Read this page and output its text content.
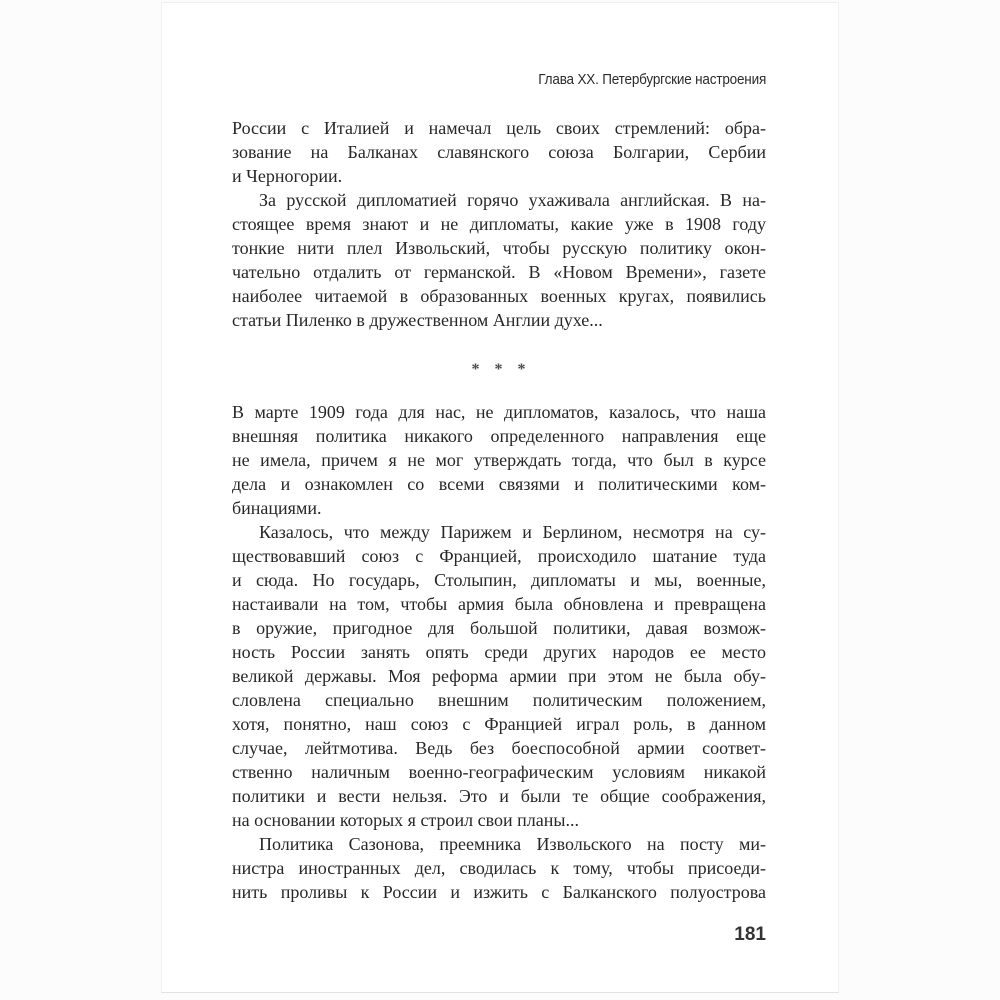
Глава XX. Петербургские настроения
России с Италией и намечал цель своих стремлений: обра-
зование на Балканах славянского союза Болгарии, Сербии
и Черногории.
За русской дипломатией горячо ухаживала английская. В на-
стоящее время знают и не дипломаты, какие уже в 1908 году
тонкие нити плел Извольский, чтобы русскую политику окон-
чательно отдалить от германской. В «Новом Времени», газете
наиболее читаемой в образованных военных кругах, появились
статьи Пиленко в дружественном Англии духе...
* * *
В марте 1909 года для нас, не дипломатов, казалось, что наша
внешняя политика никакого определенного направления еще
не имела, причем я не мог утверждать тогда, что был в курсе
дела и ознакомлен со всеми связями и политическими ком-
бинациями.
Казалось, что между Парижем и Берлином, несмотря на су-
ществовавший союз с Францией, происходило шатание туда
и сюда. Но государь, Столыпин, дипломаты и мы, военные,
настаивали на том, чтобы армия была обновлена и превращена
в оружие, пригодное для большой политики, давая возмож-
ность России занять опять среди других народов ее место
великой державы. Моя реформа армии при этом не была обу-
словлена специально внешним политическим положением,
хотя, понятно, наш союз с Францией играл роль, в данном
случае, лейтмотива. Ведь без боеспособной армии соответ-
ственно наличным военно-географическим условиям никакой
политики и вести нельзя. Это и были те общие соображения,
на основании которых я строил свои планы...
Политика Сазонова, преемника Извольского на посту ми-
нистра иностранных дел, сводилась к тому, чтобы присоеди-
нить проливы к России и изжить с Балканского полуострова
181
